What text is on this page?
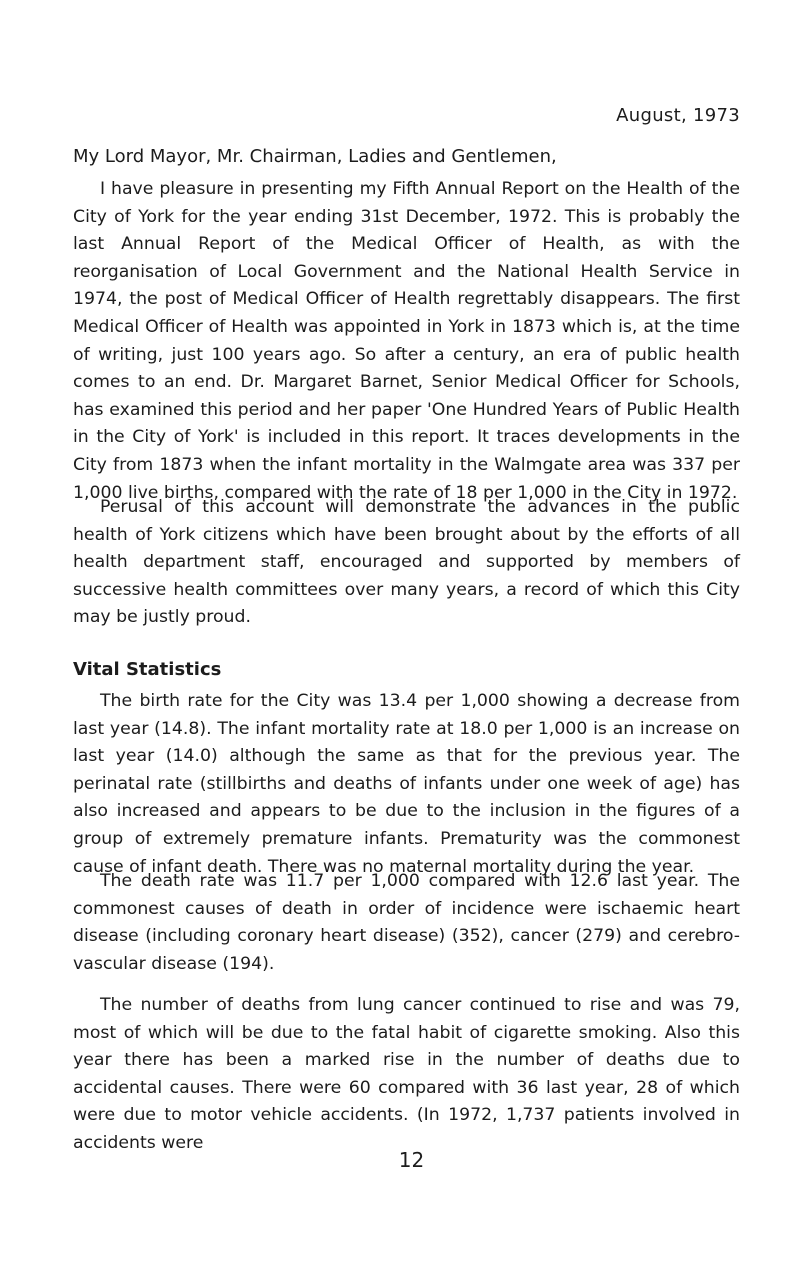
August, 1973

My Lord Mayor, Mr. Chairman, Ladies and Gentlemen,

I have pleasure in presenting my Fifth Annual Report on the Health of the City of York for the year ending 31st December, 1972. This is probably the last Annual Report of the Medical Officer of Health, as with the reorganisation of Local Government and the National Health Service in 1974, the post of Medical Officer of Health regrettably disappears. The first Medical Officer of Health was appointed in York in 1873 which is, at the time of writing, just 100 years ago. So after a century, an era of public health comes to an end. Dr. Margaret Barnet, Senior Medical Officer for Schools, has examined this period and her paper 'One Hundred Years of Public Health in the City of York' is included in this report. It traces developments in the City from 1873 when the infant mortality in the Walmgate area was 337 per 1,000 live births, compared with the rate of 18 per 1,000 in the City in 1972.

Perusal of this account will demonstrate the advances in the public health of York citizens which have been brought about by the efforts of all health department staff, encouraged and supported by members of successive health committees over many years, a record of which this City may be justly proud.

Vital Statistics

The birth rate for the City was 13.4 per 1,000 showing a decrease from last year (14.8). The infant mortality rate at 18.0 per 1,000 is an increase on last year (14.0) although the same as that for the previous year. The perinatal rate (stillbirths and deaths of infants under one week of age) has also increased and appears to be due to the inclusion in the figures of a group of extremely premature infants. Prematurity was the commonest cause of infant death. There was no maternal mortality during the year.

The death rate was 11.7 per 1,000 compared with 12.6 last year. The commonest causes of death in order of incidence were ischaemic heart disease (including coronary heart disease) (352), cancer (279) and cerebro-vascular disease (194).

The number of deaths from lung cancer continued to rise and was 79, most of which will be due to the fatal habit of cigarette smoking. Also this year there has been a marked rise in the number of deaths due to accidental causes. There were 60 compared with 36 last year, 28 of which were due to motor vehicle accidents. (In 1972, 1,737 patients involved in accidents were

12
